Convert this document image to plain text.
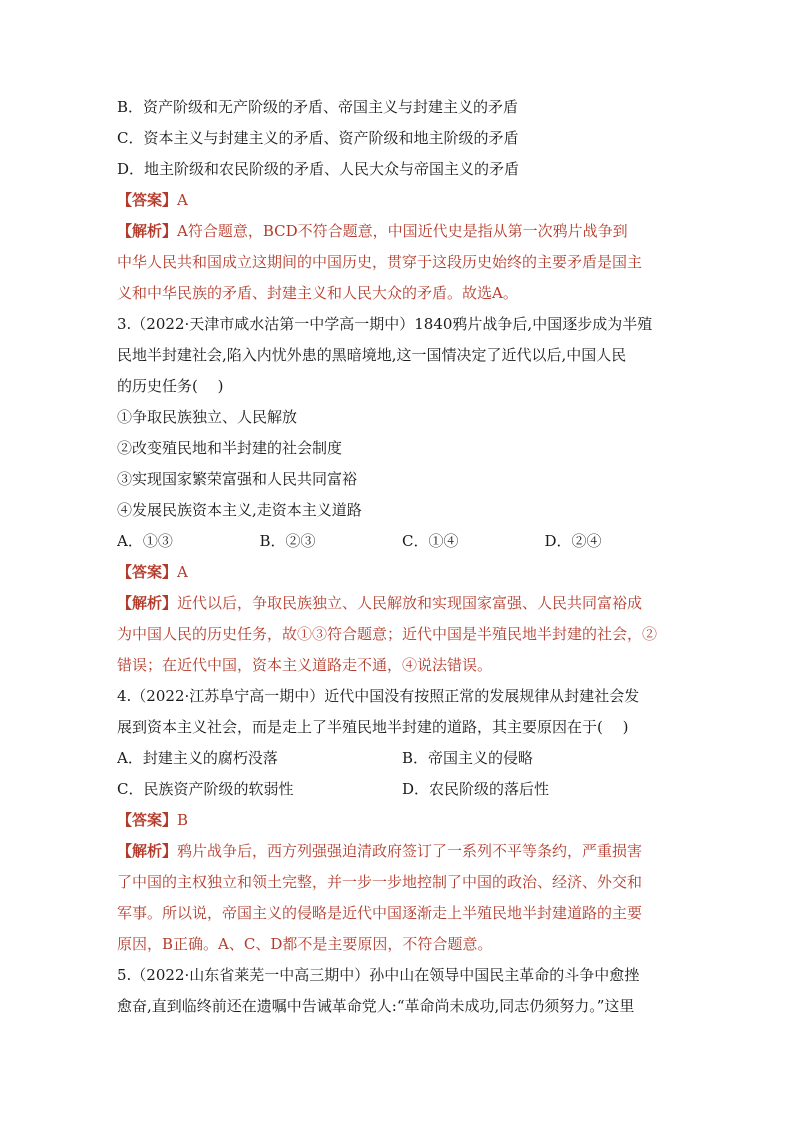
B．资产阶级和无产阶级的矛盾、帝国主义与封建主义的矛盾
C．资本主义与封建主义的矛盾、资产阶级和地主阶级的矛盾
D．地主阶级和农民阶级的矛盾、人民大众与帝国主义的矛盾
【答案】A
【解析】A符合题意，BCD不符合题意，中国近代史是指从第一次鸦片战争到
中华人民共和国成立这期间的中国历史，贯穿于这段历史始终的主要矛盾是国主
义和中华民族的矛盾、封建主义和人民大众的矛盾。故选A。
3.（2022·天津市咸水沽第一中学高一期中）1840鸦片战争后,中国逐步成为半殖
民地半封建社会,陷入内忧外患的黑暗境地,这一国情决定了近代以后,中国人民
的历史任务(　 )
①争取民族独立、人民解放
②改变殖民地和半封建的社会制度
③实现国家繁荣富强和人民共同富裕
④发展民族资本主义,走资本主义道路
A．①③	B．②③	C．①④	D．②④
【答案】A
【解析】近代以后，争取民族独立、人民解放和实现国家富强、人民共同富裕成
为中国人民的历史任务，故①③符合题意；近代中国是半殖民地半封建的社会，②
错误；在近代中国，资本主义道路走不通，④说法错误。
4.（2022·江苏阜宁高一期中）近代中国没有按照正常的发展规律从封建社会发
展到资本主义社会，而是走上了半殖民地半封建的道路，其主要原因在于(　 )
A．封建主义的腐朽没落	B．帝国主义的侵略
C．民族资产阶级的软弱性	D．农民阶级的落后性
【答案】B
【解析】鸦片战争后，西方列强强迫清政府签订了一系列不平等条约，严重损害
了中国的主权独立和领土完整，并一步一步地控制了中国的政治、经济、外交和
军事。所以说，帝国主义的侵略是近代中国逐渐走上半殖民地半封建道路的主要
原因，B正确。A、C、D都不是主要原因，不符合题意。
5.（2022·山东省莱芜一中高三期中）孙中山在领导中国民主革命的斗争中愈挫
愈奋,直到临终前还在遗嘱中告诫革命党人:“革命尚未成功,同志仍须努力。”这里
